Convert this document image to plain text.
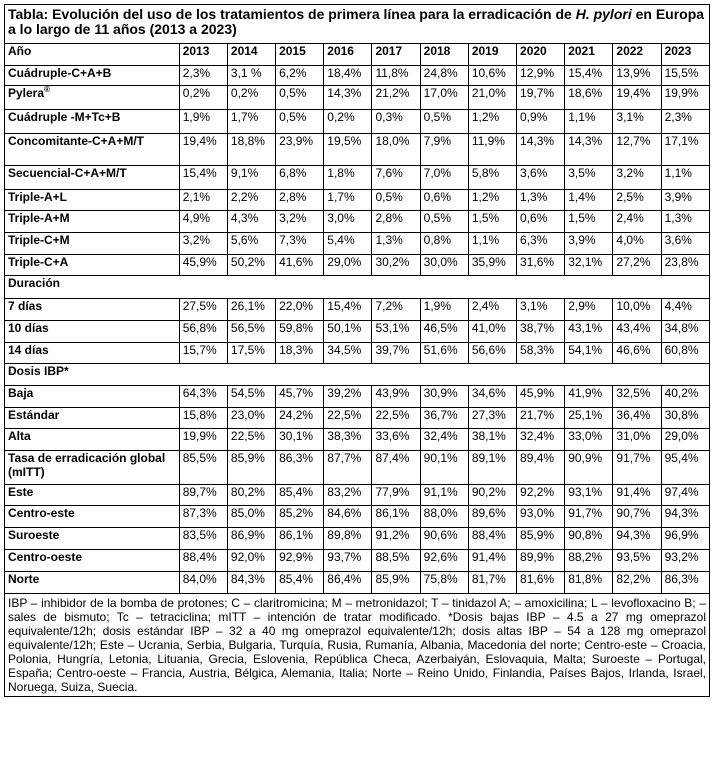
Tabla: Evolución del uso de los tratamientos de primera línea para la erradicación de H. pylori en Europa a lo largo de 11 años (2013 a 2023)											
Año	2013	2014	2015	2016	2017	2018	2019	2020	2021	2022	2023
Cuádruple-C+A+B	2,3%	3,1 %	6,2%	18,4%	11,8%	24,8%	10,6%	12,9%	15,4%	13,9%	15,5%
Pylera®	0,2%	0,2%	0,5%	14,3%	21,2%	17,0%	21,0%	19,7%	18,6%	19,4%	19,9%
Cuádruple -M+Tc+B	1,9%	1,7%	0,5%	0,2%	0,3%	0,5%	1,2%	0,9%	1,1%	3,1%	2,3%
Concomitante-C+A+M/T	19,4%	18,8%	23,9%	19,5%	18,0%	7,9%	11,9%	14,3%	14,3%	12,7%	17,1%
Secuencial-C+A+M/T	15,4%	9,1%	6,8%	1,8%	7,6%	7,0%	5,8%	3,6%	3,5%	3,2%	1,1%
Triple-A+L	2,1%	2,2%	2,8%	1,7%	0,5%	0,6%	1,2%	1,3%	1,4%	2,5%	3,9%
Triple-A+M	4,9%	4,3%	3,2%	3,0%	2,8%	0,5%	1,5%	0,6%	1,5%	2,4%	1,3%
Triple-C+M	3,2%	5,6%	7,3%	5,4%	1,3%	0,8%	1,1%	6,3%	3,9%	4,0%	3,6%
Triple-C+A	45,9%	50,2%	41,6%	29,0%	30,2%	30,0%	35,9%	31,6%	32,1%	27,2%	23,8%
Duración											
7 días	27,5%	26,1%	22,0%	15,4%	7,2%	1,9%	2,4%	3,1%	2,9%	10,0%	4,4%
10 días	56,8%	56,5%	59,8%	50,1%	53,1%	46,5%	41,0%	38,7%	43,1%	43,4%	34,8%
14 días	15,7%	17,5%	18,3%	34,5%	39,7%	51,6%	56,6%	58,3%	54,1%	46,6%	60,8%
Dosis IBP*											
Baja	64,3%	54,5%	45,7%	39,2%	43,9%	30,9%	34,6%	45,9%	41,9%	32,5%	40,2%
Estándar	15,8%	23,0%	24,2%	22,5%	22,5%	36,7%	27,3%	21,7%	25,1%	36,4%	30,8%
Alta	19,9%	22,5%	30,1%	38,3%	33,6%	32,4%	38,1%	32,4%	33,0%	31,0%	29,0%
Tasa de erradicación global (mITT)	85,5%	85,9%	86,3%	87,7%	87,4%	90,1%	89,1%	89,4%	90,9%	91,7%	95,4%
Este	89,7%	80,2%	85,4%	83,2%	77,9%	91,1%	90,2%	92,2%	93,1%	91,4%	97,4%
Centro-este	87,3%	85,0%	85,2%	84,6%	86,1%	88,0%	89,6%	93,0%	91,7%	90,7%	94,3%
Suroeste	83,5%	86,9%	86,1%	89,8%	91,2%	90,6%	88,4%	85,9%	90,8%	94,3%	96,9%
Centro-oeste	88,4%	92,0%	92,9%	93,7%	88,5%	92,6%	91,4%	89,9%	88,2%	93,5%	93,2%
Norte	84,0%	84,3%	85,4%	86,4%	85,9%	75,8%	81,7%	81,6%	81,8%	82,2%	86,3%
IBP – inhibidor de la bomba de protones; C – claritromicina; M – metronidazol; T – tinidazol A; – amoxicilina; L – levofloxacino B; – sales de bismuto; Tc – tetraciclina; mITT – intención de tratar modificado. *Dosis bajas IBP – 4.5 a 27 mg omeprazol equivalente/12h; dosis estándar IBP – 32 a 40 mg omeprazol equivalente/12h; dosis altas IBP – 54 a 128 mg omeprazol equivalente/12h; Este – Ucrania, Serbia, Bulgaria, Turquía, Rusia, Rumanía, Albania, Macedonia del norte; Centro-este – Croacia, Polonia, Hungría, Letonia, Lituania, Grecia, Eslovenia, República Checa, Azerbaiyán, Eslovaquia, Malta; Suroeste – Portugal, España; Centro-oeste – Francia, Austria, Bélgica, Alemania, Italia; Norte – Reino Unido, Finlandia, Países Bajos, Irlanda, Israel, Noruega, Suiza, Suecia.											
